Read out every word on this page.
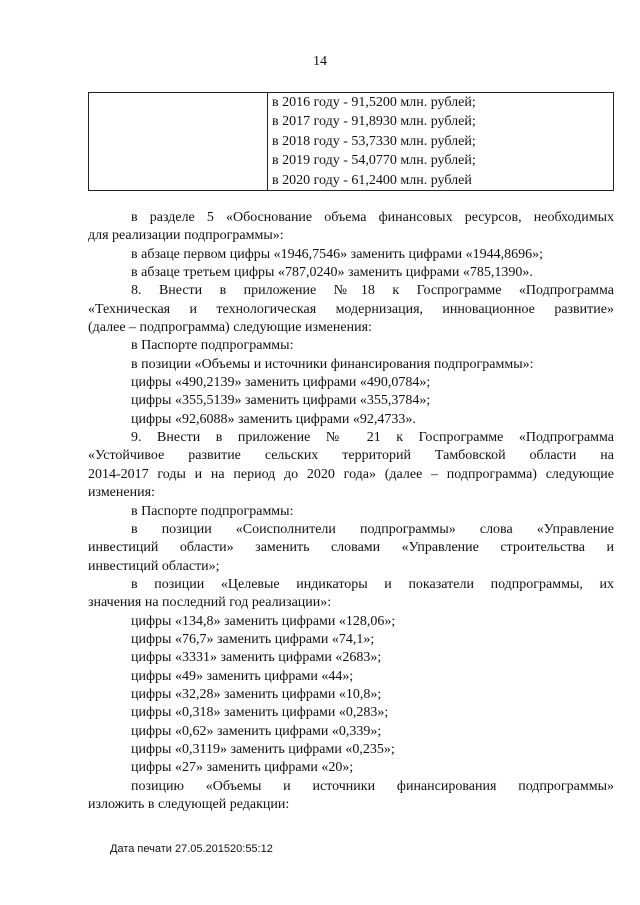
14

в 2016 году - 91,5200 млн. рублей;
в 2017 году - 91,8930 млн. рублей;
в 2018 году - 53,7330 млн. рублей;
в 2019 году - 54,0770 млн. рублей;
в 2020 году - 61,2400 млн. рублей
в разделе 5 «Обоснование объема финансовых ресурсов, необходимых
для реализации подпрограммы»:
в абзаце первом цифры «1946,7546» заменить цифрами «1944,8696»;
в абзаце третьем цифры «787,0240» заменить цифрами «785,1390».
8. Внести в приложение №18 к Госпрограмме «Подпрограмма
«Техническая и технологическая модернизация, инновационное развитие»
(далее – подпрограмма) следующие изменения:
в Паспорте подпрограммы:
в позиции «Объемы и источники финансирования подпрограммы»:
цифры «490,2139» заменить цифрами «490,0784»;
цифры «355,5139» заменить цифрами «355,3784»;
цифры «92,6088» заменить цифрами «92,4733».
9. Внести в приложение № 21 к Госпрограмме «Подпрограмма
«Устойчивое развитие сельских территорий Тамбовской области на
2014-2017 годы и на период до 2020 года» (далее – подпрограмма) следующие
изменения:
в Паспорте подпрограммы:
в позиции «Соисполнители подпрограммы» слова «Управление
инвестиций области» заменить словами «Управление строительства и
инвестиций области»;
в позиции «Целевые индикаторы и показатели подпрограммы, их
значения на последний год реализации»:
цифры «134,8» заменить цифрами «128,06»;
цифры «76,7» заменить цифрами «74,1»;
цифры «3331» заменить цифрами «2683»;
цифры «49» заменить цифрами «44»;
цифры «32,28» заменить цифрами «10,8»;
цифры «0,318» заменить цифрами «0,283»;
цифры «0,62» заменить цифрами «0,339»;
цифры «0,3119» заменить цифрами «0,235»;
цифры «27» заменить цифрами «20»;
позицию «Объемы и источники финансирования подпрограммы»
изложить в следующей редакции:
Дата печати 27.05.201520:55:12
